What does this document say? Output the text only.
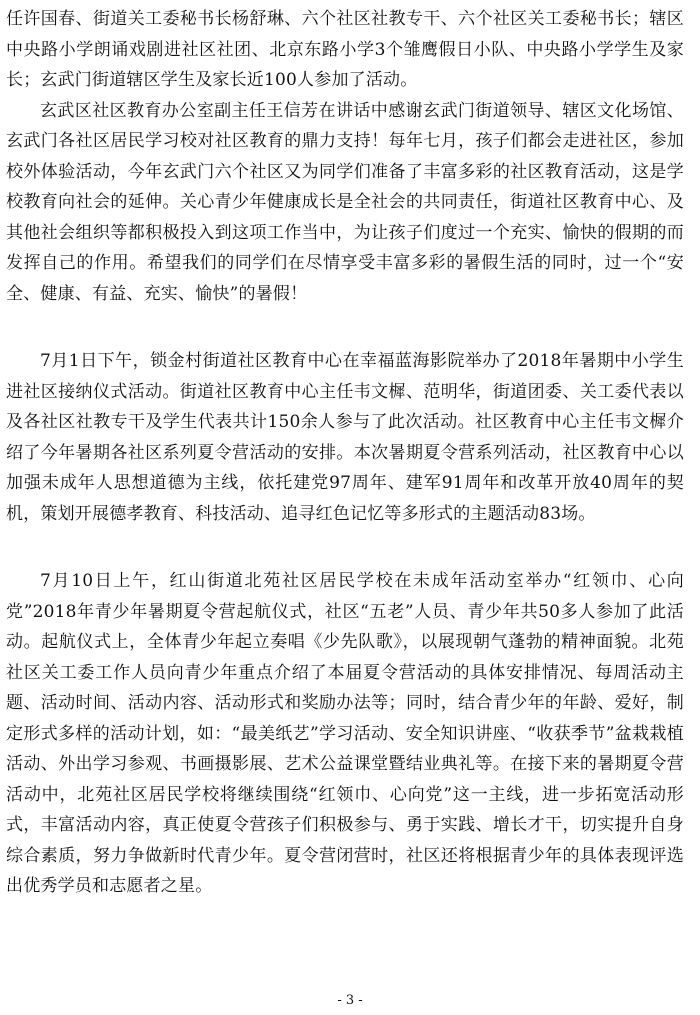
任许国春、街道关工委秘书长杨舒琳、六个社区社教专干、六个社区关工委秘书长；辖区中央路小学朗诵戏剧进社区社团、北京东路小学3个雏鹰假日小队、中央路小学学生及家长；玄武门街道辖区学生及家长近100人参加了活动。

玄武区社区教育办公室副主任王信芳在讲话中感谢玄武门街道领导、辖区文化场馆、玄武门各社区居民学习校对社区教育的鼎力支持！每年七月，孩子们都会走进社区，参加校外体验活动，今年玄武门六个社区又为同学们准备了丰富多彩的社区教育活动，这是学校教育向社会的延伸。关心青少年健康成长是全社会的共同责任，街道社区教育中心、及其他社会组织等都积极投入到这项工作当中，为让孩子们度过一个充实、愉快的假期的而发挥自己的作用。希望我们的同学们在尽情享受丰富多彩的暑假生活的同时，过一个“安全、健康、有益、充实、愉快”的暑假！

7月1日下午，锁金村街道社区教育中心在幸福蓝海影院举办了2018年暑期中小学生进社区接纳仪式活动。街道社区教育中心主任韦文樨、范明华，街道团委、关工委代表以及各社区社教专干及学生代表共计150余人参与了此次活动。社区教育中心主任韦文樨介绍了今年暑期各社区系列夏令营活动的安排。本次暑期夏令营系列活动，社区教育中心以加强未成年人思想道德为主线，依托建党97周年、建军91周年和改革开放40周年的契机，策划开展德孝教育、科技活动、追寻红色记忆等多形式的主题活动83场。

7月10日上午，红山街道北苑社区居民学校在未成年活动室举办“红领巾、心向党”2018年青少年暑期夏令营起航仪式，社区“五老”人员、青少年共50多人参加了此活动。起航仪式上，全体青少年起立奏唱《少先队歌》，以展现朝气蓬勃的精神面貌。北苑社区关工委工作人员向青少年重点介绍了本届夏令营活动的具体安排情况、每周活动主题、活动时间、活动内容、活动形式和奖励办法等；同时，结合青少年的年龄、爱好，制定形式多样的活动计划，如：“最美纸艺”学习活动、安全知识讲座、“收获季节”盆栽栽植活动、外出学习参观、书画摄影展、艺术公益课堂暨结业典礼等。在接下来的暑期夏令营活动中，北苑社区居民学校将继续围绕“红领巾、心向党”这一主线，进一步拓宽活动形式，丰富活动内容，真正使夏令营孩子们积极参与、勇于实践、增长才干，切实提升自身综合素质，努力争做新时代青少年。夏令营闭营时，社区还将根据青少年的具体表现评选出优秀学员和志愿者之星。

- 3 -
